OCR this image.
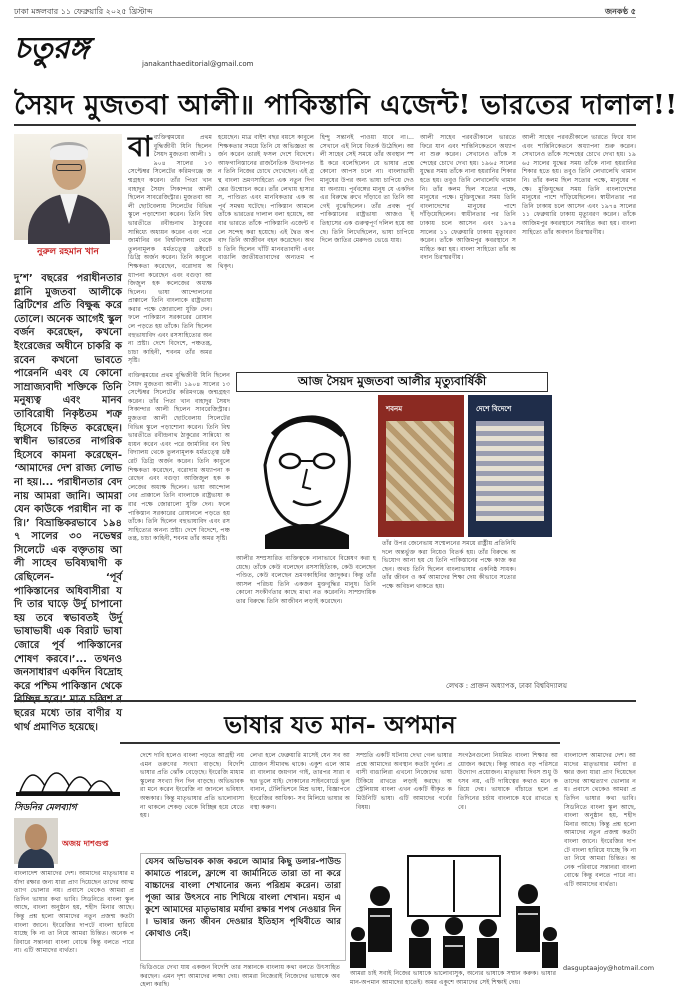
ঢাকা মঙ্গলবার ১১ ফেব্রুয়ারি ২০২৫ খ্রিস্টাব্দ	জনকণ্ঠ ৫
চতুরঙ্গ	janakanthaeditorial@gmail.com
সৈয়দ মুজতবা আলী॥ পাকিস্তানি এজেন্ট! ভারতের দালাল!!
নুরুল রহমান খান
দু’শ’ বছরের পরাধীনতার গ্লানি মুজতবা আলীকে ব্রিটিশের প্রতি বিক্ষুব্ধ করে তোলে। অনেক আগেই স্কুল বর্জন করেছেন, কখনো ইংরেজের অধীনে চাকরি করবেন কখনো ভাবতে পারেননি এবং যে কোনো সাম্রাজ্যবাদী শক্তিকে তিনি মনুষ্যত্ব এবং মানবতাবিরোধী নিকৃষ্টতম শত্রু হিসেবে চিহ্নিত করেছেন। স্বাধীন ভারতের নাগরিক হিসেবে কামনা করেছেন- ‘আমাদের দেশ রাজ্য লোভ না হয়।... পরাধীনতার বেদনায় আমরা জানি। আমরা যেন কাউকে পরাধীন না করি।’ বিভ্রান্তিকরভাবে ১৯৪৭ সালের ৩০ নভেম্বর সিলেটে এক বক্তৃতায় আলী সাহেব ভবিষ্যদ্বাণী করেছিলেন- ‘পূর্ব পাকিস্তানের অধিবাসীরা যদি তার ঘাড়ে উর্দু চাপানো হয় তবে স্বভাবতই উর্দু ভাষাভাষী এক বিরাট ভাষা জোরে পূর্ব পাকিস্তানের শোষণ করবে।’... তথনও জনসাধারণ একদিন বিদ্রোহ করে পশ্চিম পাকিস্তান থেকে ছরের মধ্যে তার বাণীর যথার্থ প্রমাণিত হয়েছে।
বাব্যক্তিত্বময়ের প্রথম বুদ্ধিজীবী যিনি ছিলেন সৈয়দ মুজতবা আলী। ১৯০৪ সালের ১৩ সেপ্টেম্বর সিলেটের করিমগঞ্জে জন্মগ্রহণ করেন। তাঁর পিতা খান বাহাদুর সৈয়দ সিকান্দার আলী ছিলেন সাবরেজিস্ট্রার। মুজতবা আলী ছোটবেলায় সিলেটের বিভিন্ন স্কুলে পড়াশোনা করেন। তিনি বিশ্বভারতীতে রবীন্দ্রনাথ ঠাকুরের সান্নিধ্যে অধ্যয়ন করেন এবং পরে জার্মানির বন বিশ্ববিদ্যালয় থেকে তুলনামূলক ধর্মতত্ত্বে ডক্টরেট ডিগ্রি অর্জন করেন। তিনি কাবুলে শিক্ষকতা করেছেন, বরোদায় অধ্যাপনা করেছেন এবং বগুড়া আজিজুল হক কলেজের অধ্যক্ষ ছিলেন। ভাষা আন্দোলনের প্রাক্কালে তিনি বাংলাকে রাষ্ট্রভাষা করার পক্ষে জোরালো যুক্তি দেন। ফলে পাকিস্তান সরকারের রোষানলে পড়তে হয় তাঁকে। তিনি ছিলেন বহুভাষাবিদ এবং রসসাহিত্যের অনন্য স্রষ্টা। দেশে বিদেশে, পঞ্চতন্ত্র, চাচা কাহিনী, শবনম তাঁর অমর সৃষ্টি।
হয়েছেন। মাত্র বাইশ বছর বয়সে কাবুলে শিক্ষকতার সময়ে তিনি যে অভিজ্ঞতা অর্জন করেন তারই ফসল দেশে বিদেশে। আফগানিস্তানের রাজনৈতিক উত্থানপতন তিনি নিজের চোখে দেখেছেন। এই গ্রন্থ বাংলা ভ্রমণসাহিত্যে এক নতুন দিগন্তের উন্মোচন করে। তাঁর লেখায় হাস্যরস, পাণ্ডিত্য এবং মানবিকতার এক অপূর্ব সমন্বয় ঘটেছে। পাকিস্তান আমলে তাঁকে ভারতের দালাল বলা হয়েছে, আবার ভারতে তাঁকে পাকিস্তানি এজেন্ট বলে সন্দেহ করা হয়েছে। এই দ্বৈত অপবাদ তিনি আজীবন বহন করেছেন। অথচ তিনি ছিলেন খাঁটি মানবতাবাদী এবং বাঙালি জাতীয়তাবাদের অন্যতম পথিকৃৎ।
হিন্দু সন্তানই পাওয়া যাবে না।... সেখানে এই নিয়ে বিতর্ক উঠেছিল। আলী সাহেব সেই সময়ে তাঁর অবস্থান স্পষ্ট করে বলেছিলেন যে ভাষার প্রশ্নে কোনো আপস চলে না। বাংলাভাষী মানুষের উপর অন্য ভাষা চাপিয়ে দেওয়া অন্যায়। পূর্ববঙ্গের মানুষ যে একদিন এর বিরুদ্ধে রুখে দাঁড়াবে তা তিনি আগেই বুঝেছিলেন। তাঁর প্রবন্ধ পূর্ব পাকিস্তানের রাষ্ট্রভাষা আজও ইতিহাসের এক গুরুত্বপূর্ণ দলিল হয়ে আছে। তিনি লিখেছিলেন, ভাষা চাপিয়ে দিলে জাতির মেরুদণ্ড ভেঙে যায়।
আলী সাহেব পরবর্তীকালে ভারতে ফিরে যান এবং শান্তিনিকেতনে অধ্যাপনা শুরু করেন। সেখানেও তাঁকে সন্দেহের চোখে দেখা হয়। ১৯৬৫ সালের যুদ্ধের সময় তাঁকে নানা হয়রানির শিকার হতে হয়। তবুও তিনি লেখালেখি থামাননি। তাঁর কলম ছিল সত্যের পক্ষে, মানুষের পক্ষে। মুক্তিযুদ্ধের সময় তিনি বাংলাদেশের মানুষের পাশে দাঁড়িয়েছিলেন। স্বাধীনতার পর তিনি ঢাকায় চলে আসেন এবং ১৯৭৪ সালের ১১ ফেব্রুয়ারি ঢাকায় মৃত্যুবরণ করেন। তাঁকে আজিমপুর কবরস্থানে সমাহিত করা হয়। বাংলা সাহিত্যে তাঁর অবদান চিরস্মরণীয়।
আলী সাহেব পরবর্তীকালে ভারতে ফিরে যান এবং শান্তিনিকেতনে অধ্যাপনা শুরু করেন। সেখানেও তাঁকে সন্দেহের চোখে দেখা হয়। ১৯৬৫ সালের যুদ্ধের সময় তাঁকে নানা হয়রানির শিকার হতে হয়। তবুও তিনি লেখালেখি থামাননি। তাঁর কলম ছিল সত্যের পক্ষে, মানুষের পক্ষে। মুক্তিযুদ্ধের সময় তিনি বাংলাদেশের মানুষের পাশে দাঁড়িয়েছিলেন। স্বাধীনতার পর তিনি ঢাকায় চলে আসেন এবং ১৯৭৪ সালের ১১ ফেব্রুয়ারি ঢাকায় মৃত্যুবরণ করেন। তাঁকে আজিমপুর কবরস্থানে সমাহিত করা হয়। বাংলা সাহিত্যে তাঁর অবদান চিরস্মরণীয়।
ব্যক্তিত্বময়ের প্রথম বুদ্ধিজীবী যিনি ছিলেন সৈয়দ মুজতবা আলী। ১৯০৪ সালের ১৩ সেপ্টেম্বর সিলেটের করিমগঞ্জে জন্মগ্রহণ করেন। তাঁর পিতা খান বাহাদুর সৈয়দ সিকান্দার আলী ছিলেন সাবরেজিস্ট্রার। মুজতবা আলী ছোটবেলায় সিলেটের বিভিন্ন স্কুলে পড়াশোনা করেন। তিনি বিশ্বভারতীতে রবীন্দ্রনাথ ঠাকুরের সান্নিধ্যে অধ্যয়ন করেন এবং পরে জার্মানির বন বিশ্ববিদ্যালয় থেকে তুলনামূলক ধর্মতত্ত্বে ডক্টরেট ডিগ্রি অর্জন করেন। তিনি কাবুলে শিক্ষকতা করেছেন, বরোদায় অধ্যাপনা করেছেন এবং বগুড়া আজিজুল হক কলেজের অধ্যক্ষ ছিলেন। ভাষা আন্দোলনের প্রাক্কালে তিনি বাংলাকে রাষ্ট্রভাষা করার পক্ষে জোরালো যুক্তি দেন। ফলে পাকিস্তান সরকারের রোষানলে পড়তে হয় তাঁকে। তিনি ছিলেন বহুভাষাবিদ এবং রসসাহিত্যের অনন্য স্রষ্টা। দেশে বিদেশে, পঞ্চতন্ত্র, চাচা কাহিনী, শবনম তাঁর অমর সৃষ্টি।
আজ সৈয়দ মুজতবা আলীর মৃত্যুবার্ষিকী
শবনম	দেশে বিদেশে
আলীর সম্প্রসারিত ব্যক্তিত্বকে নানাভাবে বিশ্লেষণ করা হয়েছে। তাঁকে কেউ বলেছেন রসসাহিত্যিক, কেউ বলেছেন পণ্ডিত, কেউ বলেছেন ভ্রমণকাহিনির জাদুকর। কিন্তু তাঁর আসল পরিচয় তিনি একজন মুক্তবুদ্ধির মানুষ। তিনি কোনো সংকীর্ণতার কাছে মাথা নত করেননি। সাম্প্রদায়িকতার বিরুদ্ধে তিনি আজীবন লড়াই করেছেন।
তাঁর উপর জেনেভায় সম্মেলনের সময়ে রাষ্ট্রীয় প্রতিনিধি দলে অন্তর্ভুক্ত করা নিয়েও বিতর্ক হয়। তাঁর বিরুদ্ধে অভিযোগ আনা হয় যে তিনি পাকিস্তানের পক্ষে কাজ করছেন। অথচ তিনি ছিলেন বাংলাভাষার একনিষ্ঠ সাধক। তাঁর জীবন ও কর্ম আমাদের শিক্ষা দেয় কীভাবে সত্যের পক্ষে অবিচল থাকতে হয়।
লেখক : প্রাক্তন অধ্যাপক, ঢাকা বিশ্ববিদ্যালয়
ভাষার যত মান- অপমান
সিডনির মেলব্যাগ
অজয় দাশগুপ্ত
বাংলাদেশ আমাদের দেশ। আমাদের মাতৃভাষার মর্যাদা রক্ষার জন্য যারা প্রাণ দিয়েছেন তাদের আত্মত্যাগ ভোলার নয়। প্রবাসে থেকেও আমরা প্রতিদিন ভাষার কথা ভাবি। সিডনিতে বাংলা স্কুল আছে, বাংলা অনুষ্ঠান হয়, শহীদ মিনার আছে। কিন্তু প্রশ্ন হলো আমাদের নতুন প্রজন্ম কতটা বাংলা জানে। ইংরেজির দাপটে বাংলা হারিয়ে যাচ্ছে কি না তা নিয়ে আমরা চিন্তিত। অনেক পরিবারে সন্তানরা বাংলা বোঝে কিন্তু বলতে পারে না। এটি আমাদের ব্যর্থতা।
দেশে দাবি হলেও বাংলা পড়তে আগ্রহী নয় এমন তরুণের সংখ্যা বাড়ছে। বিদেশি ভাষার প্রতি ঝোঁক বেড়েছে। ইংরেজি মাধ্যম স্কুলের সংখ্যা দিন দিন বাড়ছে। অভিভাবকরা মনে করেন ইংরেজি না জানলে ভবিষ্যৎ অন্ধকার। কিন্তু মাতৃভাষার প্রতি ভালোবাসা না থাকলে শেকড় থেকে বিচ্ছিন্ন হয়ে যেতে হয়।
লেখা হলে ফেব্রুয়ারি মাসেই যেন সব আয়োজন সীমাবদ্ধ থাকে। একুশ এলে আমরা বাংলার জয়গান গাই, তারপর সারা বছর ভুলে যাই। দোকানের সাইনবোর্ডে ভুল বানান, টেলিভিশনে মিশ্র ভাষা, বিজ্ঞাপনে ইংরেজির আধিক্য- সব মিলিয়ে ভাষার অবস্থা করুণ।
সম্প্রতি একটি ঘটনায় দেখা গেল ভাষার প্রশ্নে আমাদের অবস্থান কতটা দুর্বল। প্রবাসী বাঙালিরা এখনো নিজেদের ভাষা টিকিয়ে রাখতে লড়াই করছে। অস্ট্রেলিয়ায় বাংলা এখন একটি স্বীকৃত কমিউনিটি ভাষা। এটি আমাদের গর্বের বিষয়।
সংগঠনগুলো নিয়মিত বাংলা শিক্ষার আয়োজন করছে। কিন্তু আরও বড় পরিসরে উদ্যোগ প্রয়োজন। মাতৃভাষা দিবস শুধু উৎসব নয়, এটি দায়িত্বের কথাও মনে করিয়ে দেয়। ভাষাকে বাঁচাতে হলে প্রতিদিনের চর্চায় বাংলাকে ধরে রাখতে হবে।
বাংলাদেশ আমাদের দেশ। আমাদের মাতৃভাষার মর্যাদা রক্ষার জন্য যারা প্রাণ দিয়েছেন তাদের আত্মত্যাগ ভোলার নয়। প্রবাসে থেকেও আমরা প্রতিদিন ভাষার কথা ভাবি। সিডনিতে বাংলা স্কুল আছে, বাংলা অনুষ্ঠান হয়, শহীদ মিনার আছে। কিন্তু প্রশ্ন হলো আমাদের নতুন প্রজন্ম কতটা বাংলা জানে। ইংরেজির দাপটে বাংলা হারিয়ে যাচ্ছে কি না তা নিয়ে আমরা চিন্তিত। অনেক পরিবারে সন্তানরা বাংলা বোঝে কিন্তু বলতে পারে না। এটি আমাদের ব্যর্থতা।
যেসব অভিভাবক কাজ করলে আমার কিছু ডলার-পাউন্ড কামাতে পারলে, ফ্রান্সে বা জার্মানিতে তারা তা না করে বাচ্চাদের বাংলা শেখানোর জন্য পরিশ্রম করেন। তারা পূজা আর উৎসবে নাচ শিখিয়ে বাংলা শেখান। মহান একুশে আমাদের মাতৃভাষার মর্যাদা রক্ষার শপথ নেওয়ার দিন। ভাষার জন্য জীবন দেওয়ার ইতিহাস পৃথিবীতে আর কোথাও নেই।
ভিডিওতে দেখা যায় একজন বিদেশি তার সন্তানকে বাংলায় কথা বলতে উৎসাহিত করছেন। এমন দৃশ্য আমাদের লজ্জা দেয়। আমরা নিজেরাই নিজেদের ভাষাকে অবহেলা করছি।
আমরা চাই সবাই নিজের ভাষাকে ভালোবাসুক, অন্যের ভাষাকে সম্মান করুক। ভাষার মান-অপমান আমাদের হাতেই। অমর একুশে আমাদের সেই শিক্ষাই দেয়।
dasguptaajoy@hotmail.com
